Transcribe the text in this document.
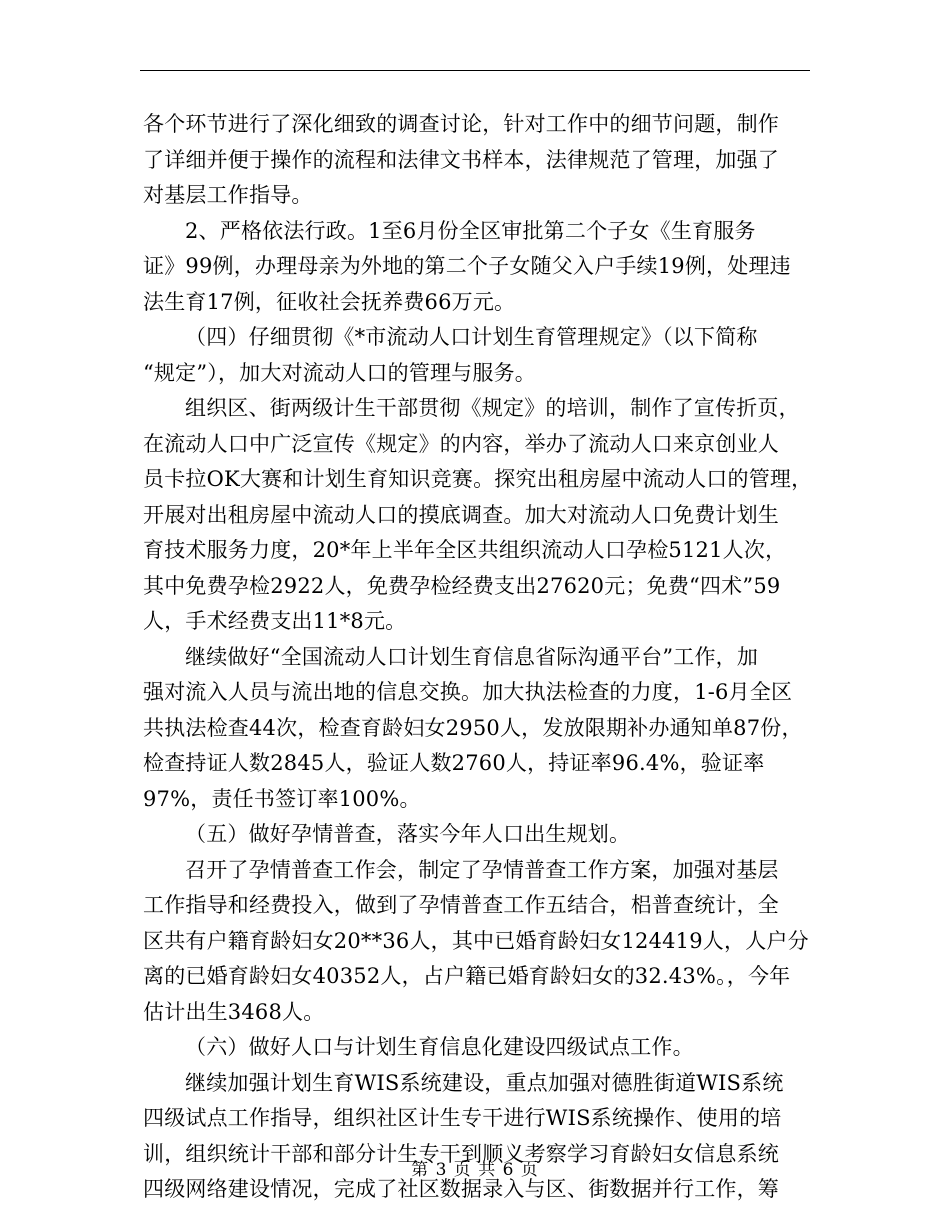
各个环节进行了深化细致的调查讨论，针对工作中的细节问题，制作
了详细并便于操作的流程和法律文书样本，法律规范了管理，加强了
对基层工作指导。
2、严格依法行政。1至6月份全区审批第二个子女《生育服务
证》99例，办理母亲为外地的第二个子女随父入户手续19例，处理违
法生育17例，征收社会抚养费66万元。
（四）仔细贯彻《*市流动人口计划生育管理规定》（以下简称
“规定”），加大对流动人口的管理与服务。
组织区、街两级计生干部贯彻《规定》的培训，制作了宣传折页，
在流动人口中广泛宣传《规定》的内容，举办了流动人口来京创业人
员卡拉OK大赛和计划生育知识竞赛。探究出租房屋中流动人口的管理，
开展对出租房屋中流动人口的摸底调查。加大对流动人口免费计划生
育技术服务力度，20*年上半年全区共组织流动人口孕检5121人次，
其中免费孕检2922人，免费孕检经费支出27620元；免费“四术”59
人，手术经费支出11*8元。
继续做好“全国流动人口计划生育信息省际沟通平台”工作，加
强对流入人员与流出地的信息交换。加大执法检查的力度，1-6月全区
共执法检查44次，检查育龄妇女2950人，发放限期补办通知单87份，
检查持证人数2845人，验证人数2760人，持证率96.4%，验证率
97%，责任书签订率100%。
（五）做好孕情普查，落实今年人口出生规划。
召开了孕情普查工作会，制定了孕情普查工作方案，加强对基层
工作指导和经费投入，做到了孕情普查工作五结合，梠普查统计，全
区共有户籍育龄妇女20**36人，其中已婚育龄妇女124419人，人户分
离的已婚育龄妇女40352人，占户籍已婚育龄妇女的32.43%。，今年
估计出生3468人。
（六）做好人口与计划生育信息化建设四级试点工作。
继续加强计划生育WIS系统建设，重点加强对德胜街道WIS系统
四级试点工作指导，组织社区计生专干进行WIS系统操作、使用的培
训，组织统计干部和部分计生专干到顺义考察学习育龄妇女信息系统
四级网络建设情况，完成了社区数据录入与区、街数据并行工作，筹
第 3 页 共 6 页
